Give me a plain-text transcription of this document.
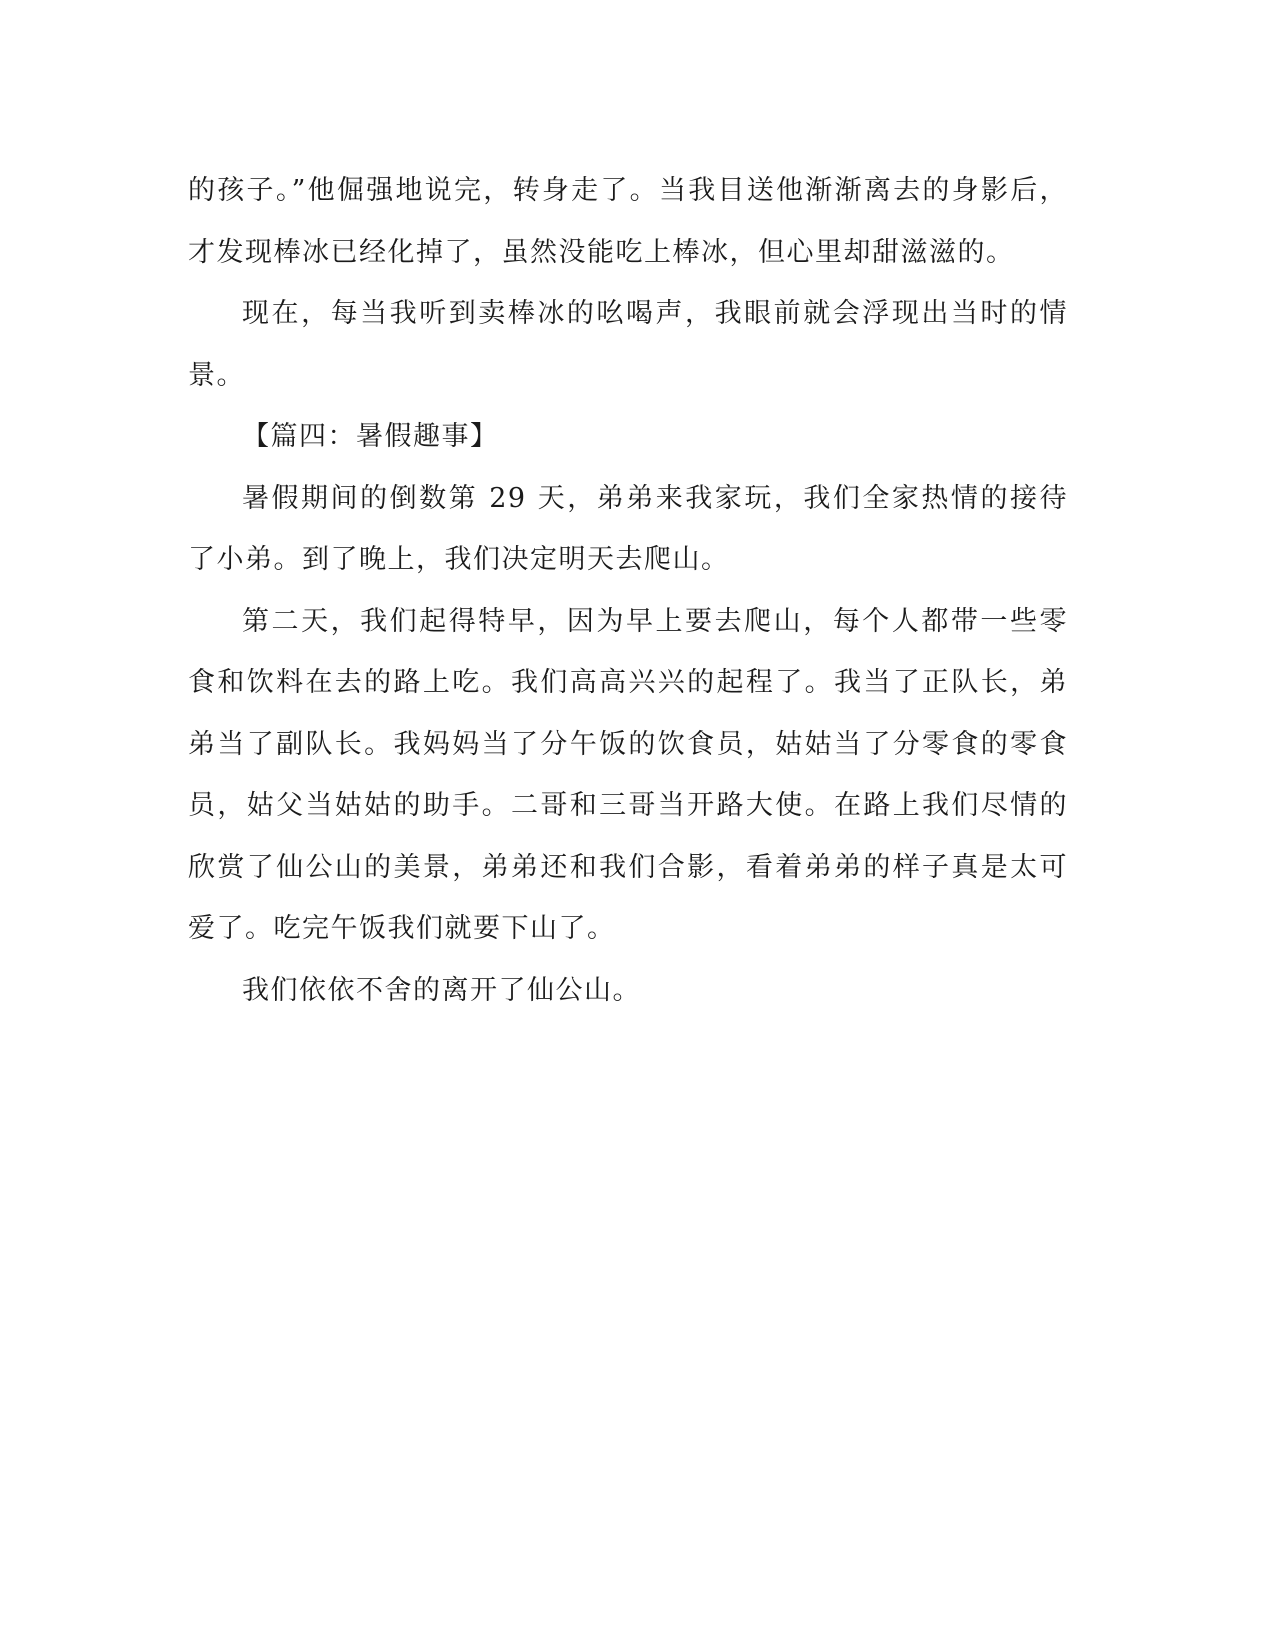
的孩子。”他倔强地说完，转身走了。当我目送他渐渐离去的身影后，才发现棒冰已经化掉了，虽然没能吃上棒冰，但心里却甜滋滋的。

现在，每当我听到卖棒冰的吆喝声，我眼前就会浮现出当时的情景。

【篇四：暑假趣事】

暑假期间的倒数第 29 天，弟弟来我家玩，我们全家热情的接待了小弟。到了晚上，我们决定明天去爬山。

第二天，我们起得特早，因为早上要去爬山，每个人都带一些零食和饮料在去的路上吃。我们高高兴兴的起程了。我当了正队长，弟弟当了副队长。我妈妈当了分午饭的饮食员，姑姑当了分零食的零食员，姑父当姑姑的助手。二哥和三哥当开路大使。在路上我们尽情的欣赏了仙公山的美景，弟弟还和我们合影，看着弟弟的样子真是太可爱了。吃完午饭我们就要下山了。

我们依依不舍的离开了仙公山。
